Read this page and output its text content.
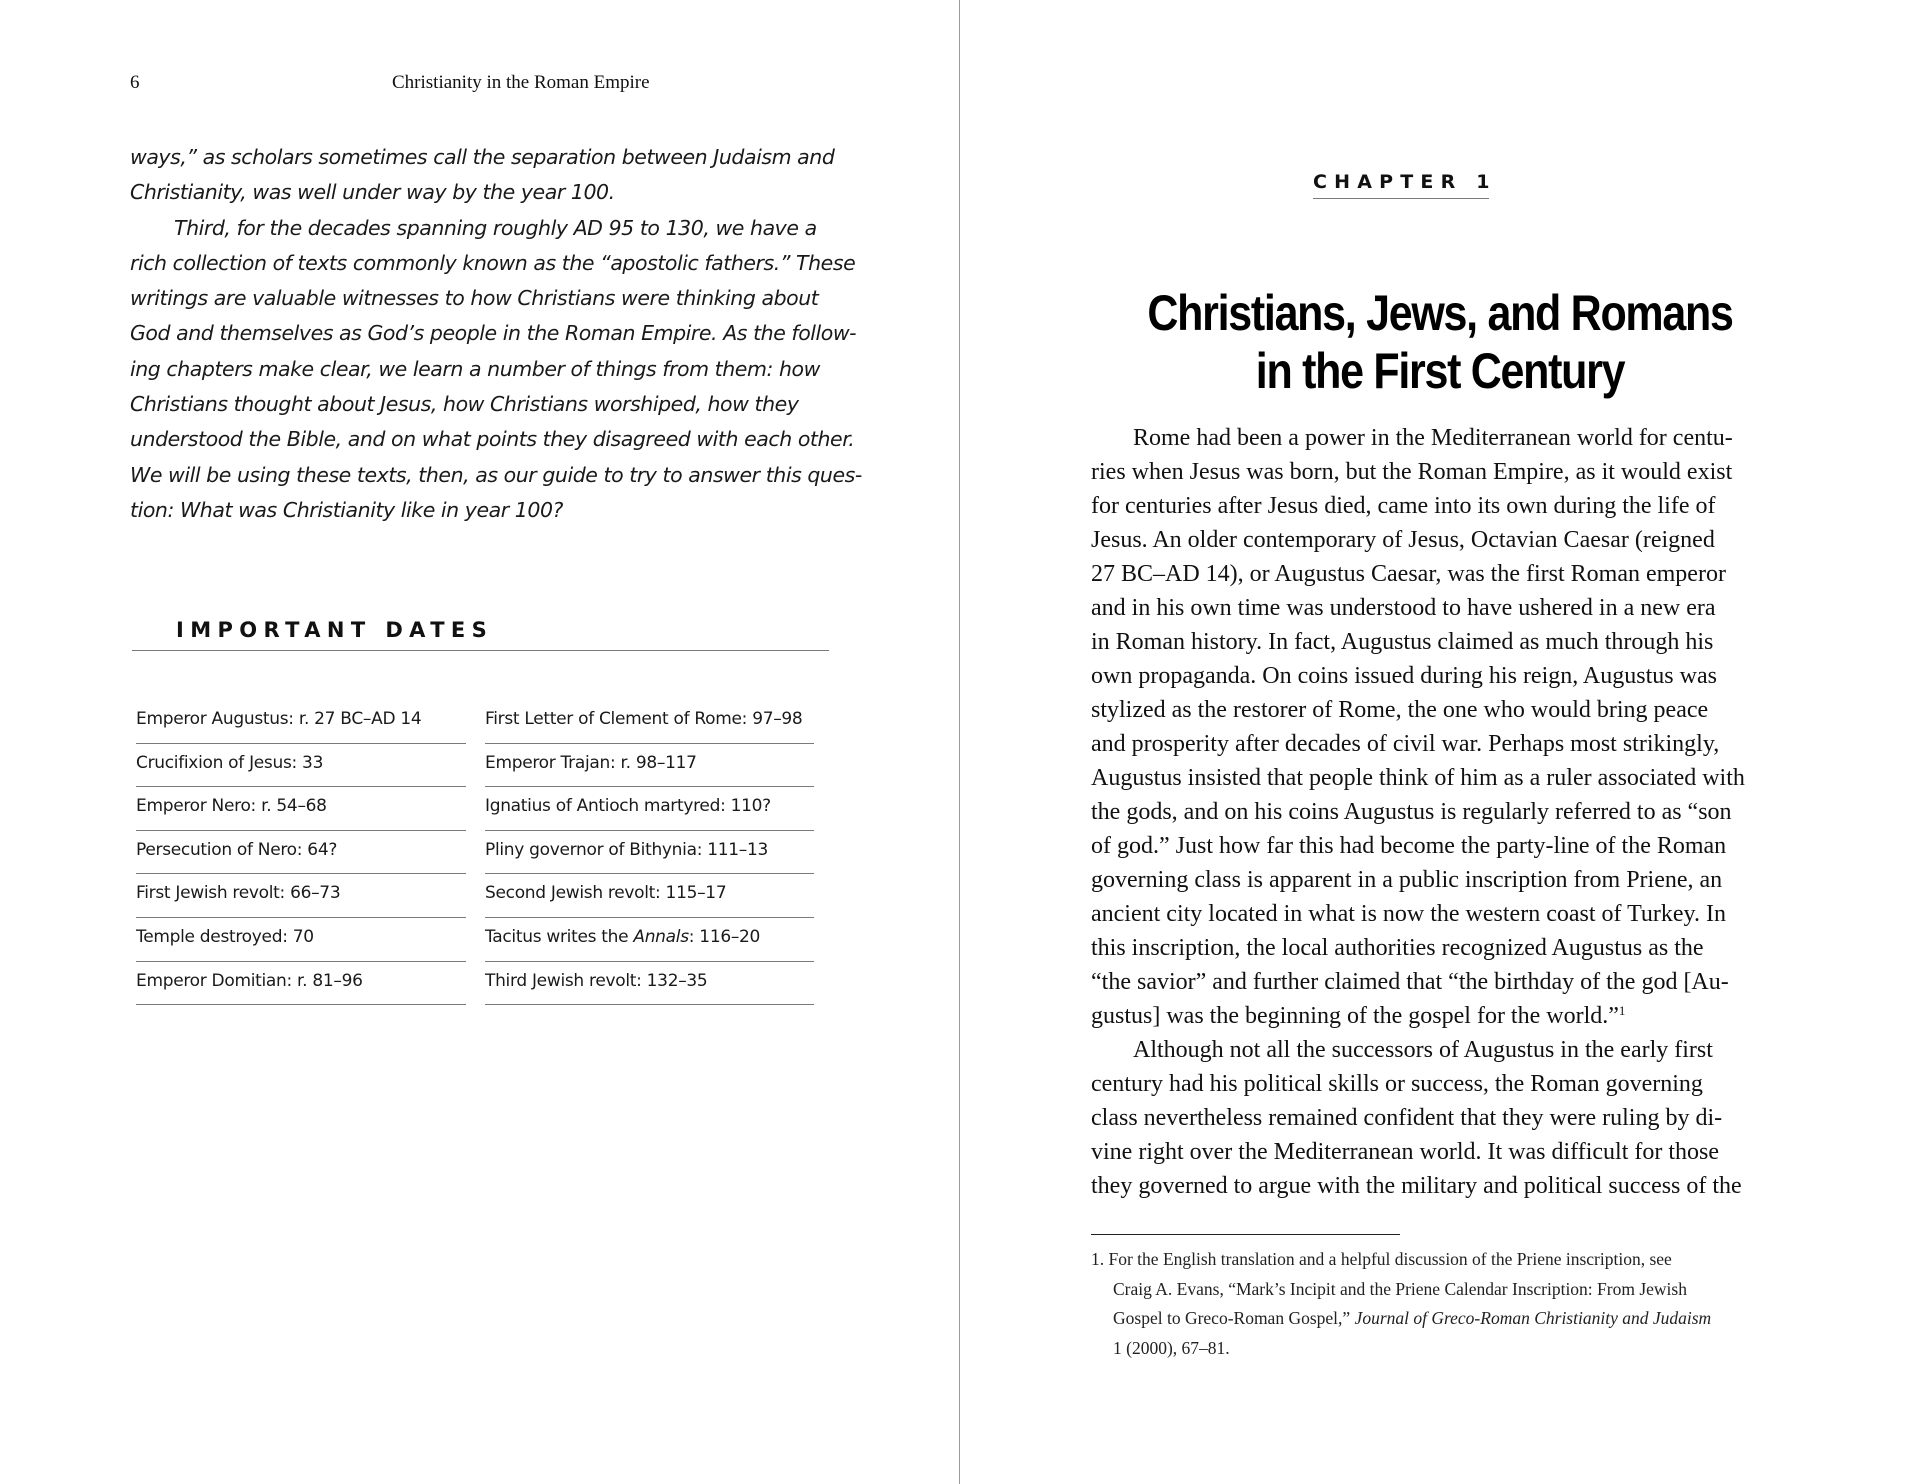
6	Christianity in the Roman Empire

ways,” as scholars sometimes call the separation between Judaism and
Christianity, was well under way by the year 100.

Third, for the decades spanning roughly AD 95 to 130, we have a
rich collection of texts commonly known as the “apostolic fathers.” These
writings are valuable witnesses to how Christians were thinking about
God and themselves as God’s people in the Roman Empire. As the follow-
ing chapters make clear, we learn a number of things from them: how
Christians thought about Jesus, how Christians worshiped, how they
understood the Bible, and on what points they disagreed with each other.
We will be using these texts, then, as our guide to try to answer this ques-
tion: What was Christianity like in year 100?

IMPORTANT DATES
Emperor Augustus: r. 27 BC–AD 14
Crucifixion of Jesus: 33
Emperor Nero: r. 54–68
Persecution of Nero: 64?
First Jewish revolt: 66–73
Temple destroyed: 70
Emperor Domitian: r. 81–96
First Letter of Clement of Rome: 97–98
Emperor Trajan: r. 98–117
Ignatius of Antioch martyred: 110?
Pliny governor of Bithynia: 111–13
Second Jewish revolt: 115–17
Tacitus writes the Annals: 116–20
Third Jewish revolt: 132–35
CHAPTER 1
Christians, Jews, and Romans
in the First Century

Rome had been a power in the Mediterranean world for centu-
ries when Jesus was born, but the Roman Empire, as it would exist
for centuries after Jesus died, came into its own during the life of
Jesus. An older contemporary of Jesus, Octavian Caesar (reigned
27 BC–AD 14), or Augustus Caesar, was the first Roman emperor
and in his own time was understood to have ushered in a new era
in Roman history. In fact, Augustus claimed as much through his
own propaganda. On coins issued during his reign, Augustus was
stylized as the restorer of Rome, the one who would bring peace
and prosperity after decades of civil war. Perhaps most strikingly,
Augustus insisted that people think of him as a ruler associated with
the gods, and on his coins Augustus is regularly referred to as “son
of god.” Just how far this had become the party-line of the Roman
governing class is apparent in a public inscription from Priene, an
ancient city located in what is now the western coast of Turkey. In
this inscription, the local authorities recognized Augustus as the
“the savior” and further claimed that “the birthday of the god [Au-
gustus] was the beginning of the gospel for the world.”$^1$

Although not all the successors of Augustus in the early first
century had his political skills or success, the Roman governing
class nevertheless remained confident that they were ruling by di-
vine right over the Mediterranean world. It was difficult for those
they governed to argue with the military and political success of the

1. For the English translation and a helpful discussion of the Priene inscription, see
Craig A. Evans, “Mark’s Incipit and the Priene Calendar Inscription: From Jewish
Gospel to Greco-Roman Gospel,” Journal of Greco-Roman Christianity and Judaism
1 (2000), 67–81.
